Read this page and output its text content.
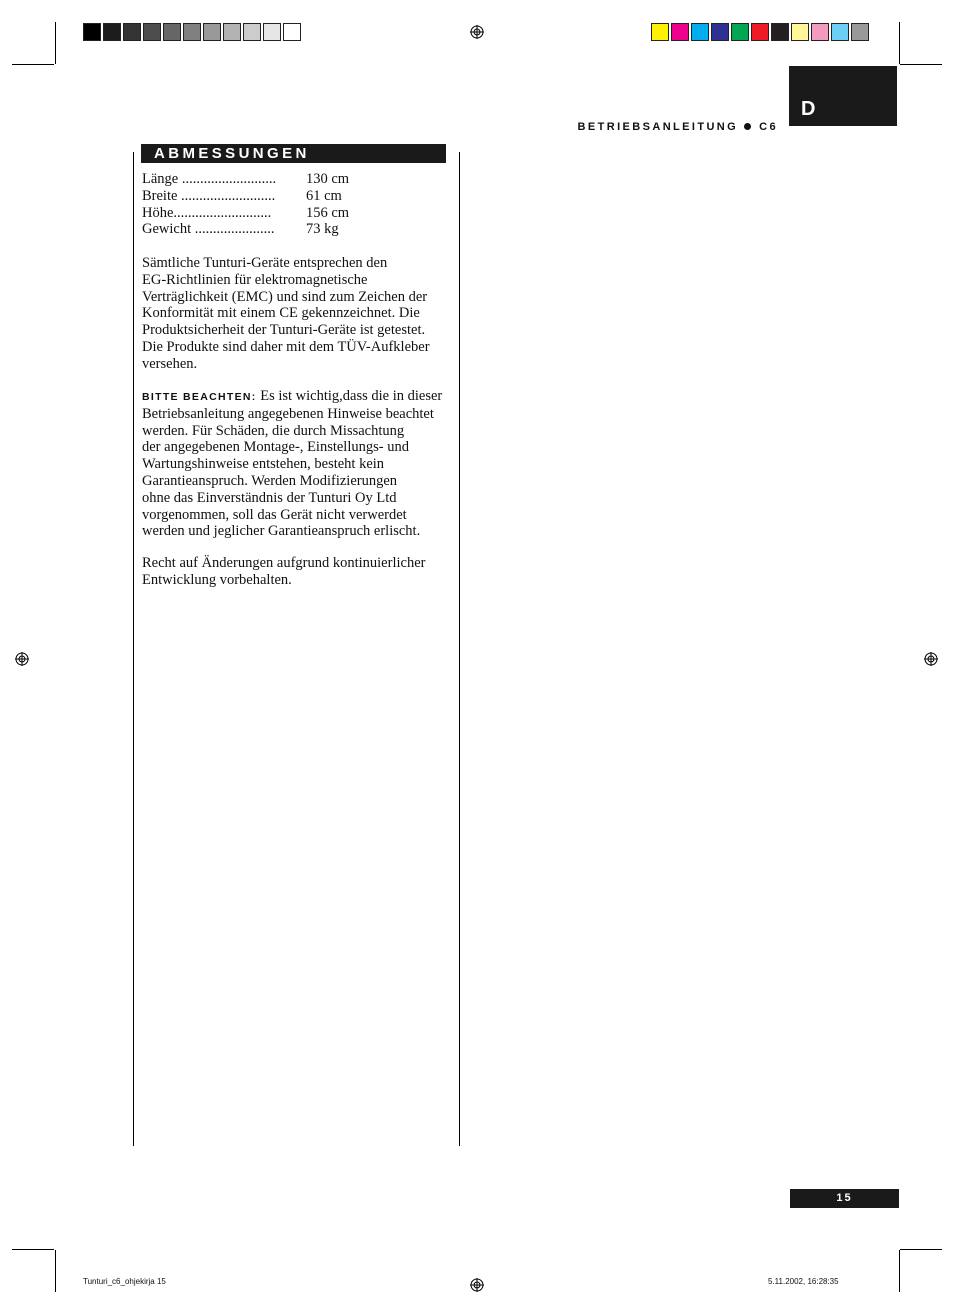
D
BETRIEBSANLEITUNG C6
ABMESSUNGEN
Länge ..........................	130 cm
Breite ..........................	61 cm
Höhe...........................	156 cm
Gewicht ......................	73 kg

Sämtliche Tunturi-Geräte entsprechen den
EG-Richtlinien für elektromagnetische
Verträglichkeit (EMC) und sind zum Zeichen der
Konformität mit einem CE gekennzeichnet. Die
Produktsicherheit der Tunturi-Geräte ist getestet.
Die Produkte sind daher mit dem TÜV-Aufkleber
versehen.

BITTE BEACHTEN: Es ist wichtig,dass die in dieser
Betriebsanleitung angegebenen Hinweise beachtet
werden. Für Schäden, die durch Missachtung
der angegebenen Montage-, Einstellungs- und
Wartungshinweise entstehen, besteht kein
Garantieanspruch. Werden Modifizierungen
ohne das Einverständnis der Tunturi Oy Ltd
vorgenommen, soll das Gerät nicht verwerdet
werden und jeglicher Garantieanspruch erlischt.

Recht auf Änderungen aufgrund kontinuierlicher
Entwicklung vorbehalten.

15
Tunturi_c6_ohjekirja 15	5.11.2002, 16:28:35
